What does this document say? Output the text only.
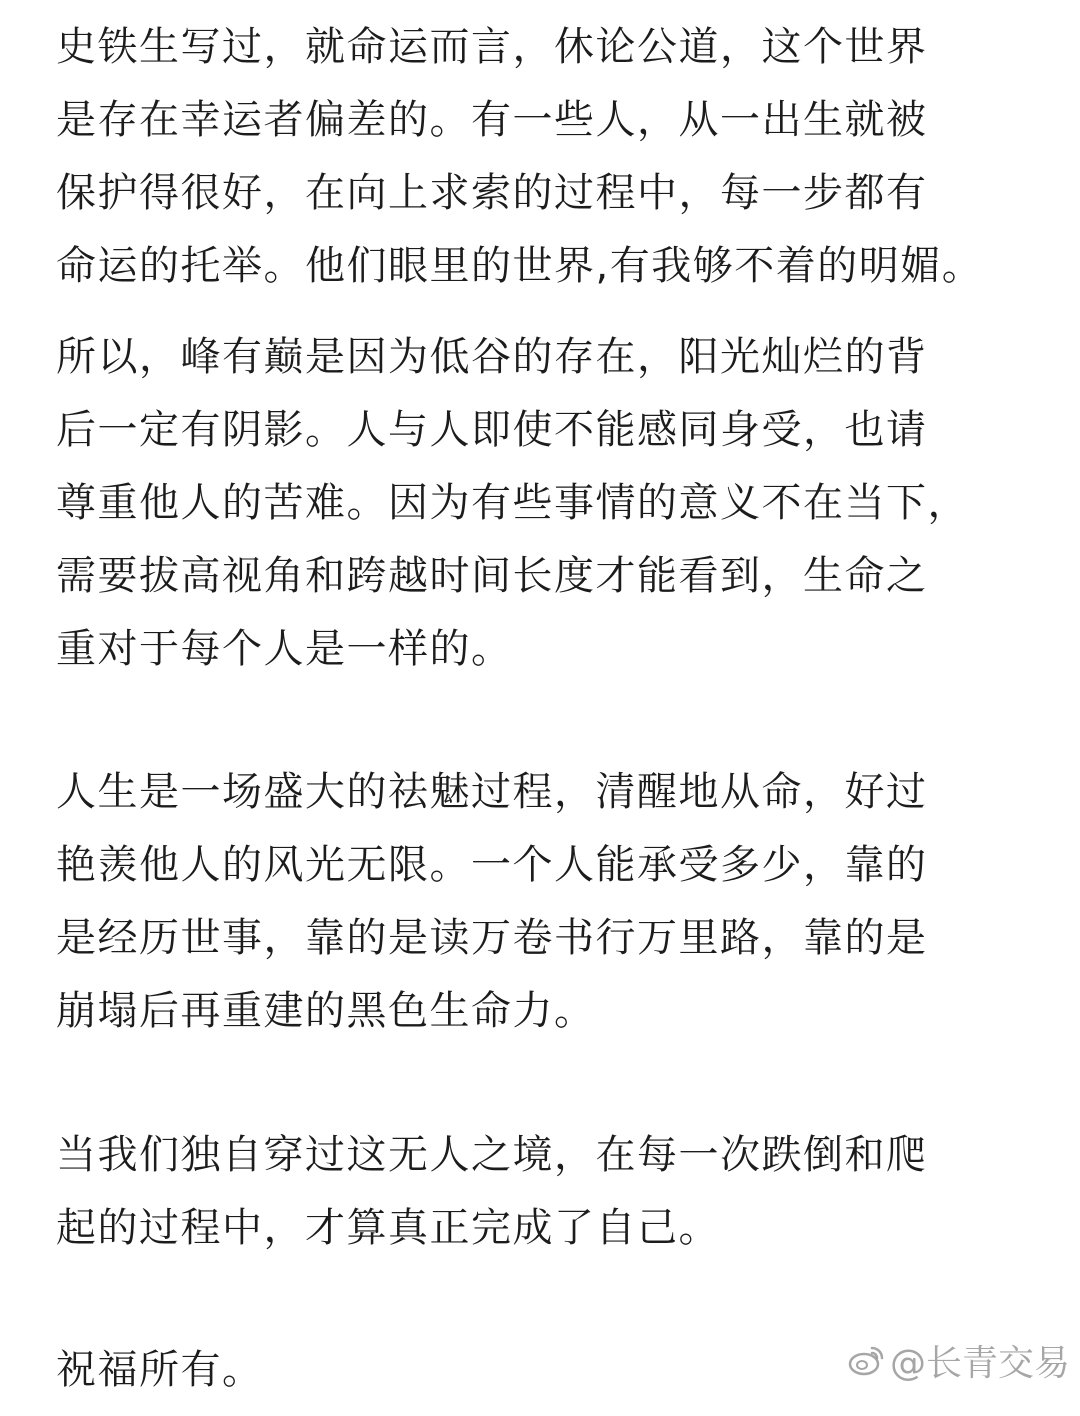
史铁生写过，就命运而言，休论公道，这个世界
是存在幸运者偏差的。有一些人，从一出生就被
保护得很好，在向上求索的过程中，每一步都有
命运的托举。他们眼里的世界,有我够不着的明媚。
所以，峰有巅是因为低谷的存在，阳光灿烂的背
后一定有阴影。人与人即使不能感同身受，也请
尊重他人的苦难。因为有些事情的意义不在当下，
需要拔高视角和跨越时间长度才能看到，生命之
重对于每个人是一样的。
人生是一场盛大的祛魅过程，清醒地从命，好过
艳羡他人的风光无限。一个人能承受多少，靠的
是经历世事，靠的是读万卷书行万里路，靠的是
崩塌后再重建的黑色生命力。
当我们独自穿过这无人之境，在每一次跌倒和爬
起的过程中，才算真正完成了自己。
祝福所有。	@长青交易
